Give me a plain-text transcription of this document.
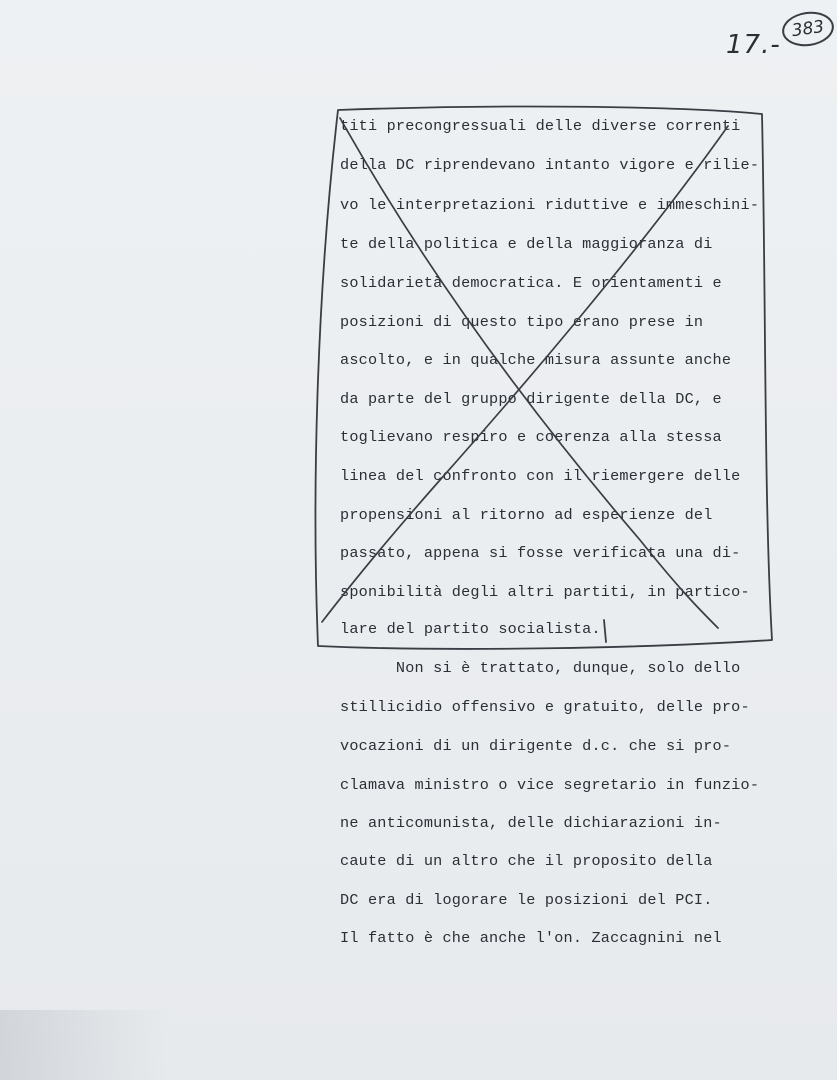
17.-
383
titi precongressuali delle diverse correnti
della DC riprendevano intanto vigore e rilie-
vo le interpretazioni riduttive e immeschini-
te della politica e della maggioranza di
solidarietà democratica. E orientamenti e
posizioni di questo tipo erano prese in
ascolto, e in qualche misura assunte anche
da parte del gruppo dirigente della DC, e
toglievano respiro e coerenza alla stessa
linea del confronto con il riemergere delle
propensioni al ritorno ad esperienze del
passato, appena si fosse verificata una di-
sponibilità degli altri partiti, in partico-
lare del partito socialista.
Non si è trattato, dunque, solo dello
stillicidio offensivo e gratuito, delle pro-
vocazioni di un dirigente d.c. che si pro-
clamava ministro o vice segretario in funzio-
ne anticomunista, delle dichiarazioni in-
caute di un altro che il proposito della
DC era di logorare le posizioni del PCI.
Il fatto è che anche l'on. Zaccagnini nel
